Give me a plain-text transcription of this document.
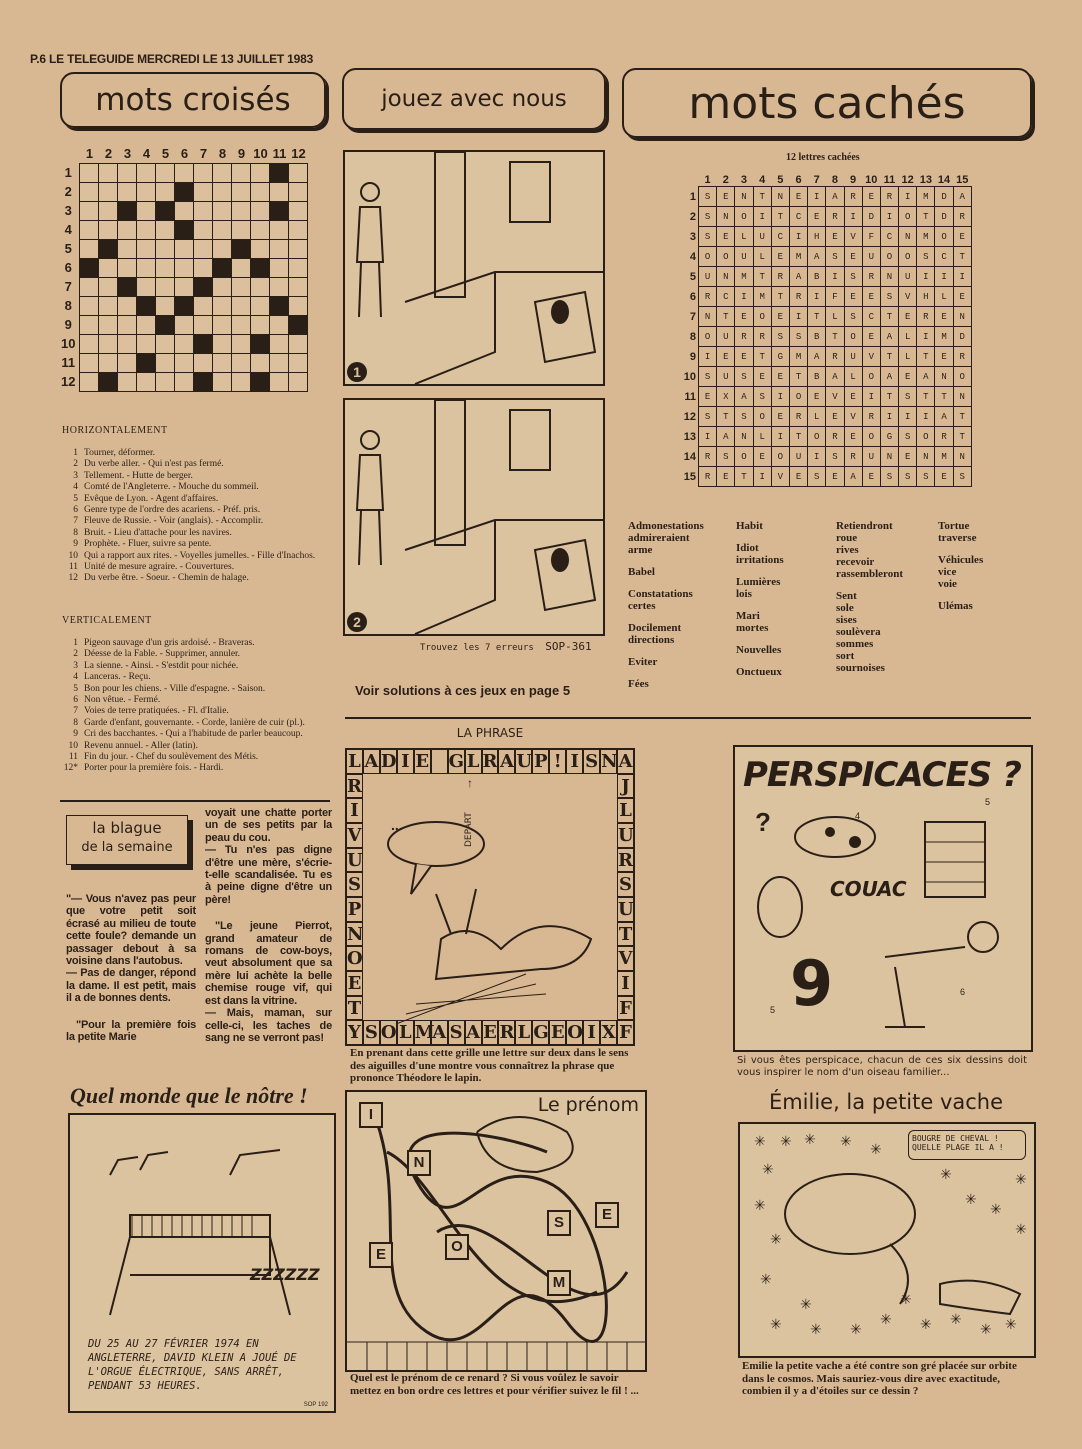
P.6 LE TELEGUIDE MERCREDI LE 13 JUILLET 1983
mots croisés	jouez avec nous	mots cachés
	1	2	3	4	5	6	7	8	9	10	11	12
1												
2												
3												
4												
5												
6												
7												
8												
9												
10												
11												
12												
HORIZONTALEMENT
1 Tourner, déformer.
2 Du verbe aller. - Qui n'est pas fermé.
3 Tellement. - Hutte de berger.
4 Comté de l'Angleterre. - Mouche du sommeil.
5 Evêque de Lyon. - Agent d'affaires.
6 Genre type de l'ordre des acariens. - Préf. pris.
7 Fleuve de Russie. - Voir (anglais). - Accomplir.
8 Bruit. - Lieu d'attache pour les navires.
9 Prophète. - Fluer, suivre sa pente.
10 Qui a rapport aux rites. - Voyelles jumelles. - Fille d'Inachos.
11 Unité de mesure agraire. - Couvertures.
12 Du verbe être. - Soeur. - Chemin de halage.
VERTICALEMENT
1 Pigeon sauvage d'un gris ardoisé. - Braveras.
2 Déesse de la Fable. - Supprimer, annuler.
3 La sienne. - Ainsi. - S'estdit pour nichée.
4 Lanceras. - Reçu.
5 Bon pour les chiens. - Ville d'espagne. - Saison.
6 Non vêtue. - Fermé.
7 Voies de terre pratiquées. - Fl. d'Italie.
8 Garde d'enfant, gouvernante. - Corde, lanière de cuir (pl.).
9 Cri des bacchantes. - Qui a l'habitude de parler beaucoup.
10 Revenu annuel. - Aller (latin).
11 Fin du jour. - Chef du soulèvement des Métis.
12* Porter pour la première fois. - Hardi.
1
2
Trouvez les 7 erreurs SOP-361
Voir solutions à ces jeux en page 5
12 lettres cachées
	1	2	3	4	5	6	7	8	9	10	11	12	13	14	15
1	S	E	N	T	N	E	I	A	R	E	R	I	M	D	A
2	S	N	O	I	T	C	E	R	I	D	I	O	T	D	R
3	S	E	L	U	C	I	H	E	V	F	C	N	M	O	E
4	O	O	U	L	E	M	A	S	E	U	O	O	S	C	T
5	U	N	M	T	R	A	B	I	S	R	N	U	I	I	I
6	R	C	I	M	T	R	I	F	E	E	S	V	H	L	E
7	N	T	E	O	E	I	T	L	S	C	T	E	R	E	N
8	O	U	R	R	S	S	B	T	O	E	A	L	I	M	D
9	I	E	E	T	G	M	A	R	U	V	T	L	T	E	R
10	S	U	S	E	E	T	B	A	L	O	A	E	A	N	O
11	E	X	A	S	I	O	E	V	E	I	T	S	T	T	N
12	S	T	S	O	E	R	L	E	V	R	I	I	I	A	T
13	I	A	N	L	I	T	O	R	E	O	G	S	O	R	T
14	R	S	O	E	O	U	I	S	R	U	N	E	N	M	N
15	R	E	T	I	V	E	S	E	A	E	S	S	S	E	S
Admonestations
admireraient
arme
Babel
Constatations
certes
Docilement
directions
Eviter
Fées
Habit
Idiot
irritations
Lumières
lois
Mari
mortes
Nouvelles
Onctueux
Retiendront
roue
rives
recevoir
rassembleront
Sent
sole
sises
soulèvera
sommes
sort
sournoises
Tortue
traverse
Véhicules
vice
voie
Ulémas
la blague
de la semaine

"— Vous n'avez pas peur que votre petit soit écrasé au milieu de toute cette foule? demande un passager debout à sa voisine dans l'autobus.

— Pas de danger, répond la dame. Il est petit, mais il a de bonnes dents.

"Pour la première fois la petite Marie

voyait une chatte porter un de ses petits par la peau du cou.

— Tu n'es pas digne d'être une mère, s'écrie-t-elle scandalisée. Tu es à peine digne d'être un père!

"Le jeune Pierrot, grand amateur de romans de cow-boys, veut absolument que sa mère lui achète la belle chemise rouge vif, qui est dans la vitrine.

— Mais, maman, sur celle-ci, les taches de sang ne se verront pas!

LA PHRASE
L A D I E G L R A U P ! I S N A
Y S O L M
A S A E R L G E O I X F
R
I
V
U
S
P
N
O
E
T
J
L
U
R
S
U
T
V
I
F
...	DEPART
↑
En prenant dans cette grille une lettre sur deux dans le sens des aiguilles d'une montre vous connaîtrez la phrase que prononce Théodore le lapin.
PERSPICACES ?
?	4
5
6
5
COUAC
9
Si vous êtes perspicace, chacun de ces six dessins doit vous inspirer le nom d'un oiseau familier...
Quel monde que le nôtre !
ZZZZZZ
DU 25 AU 27 FÉVRIER 1974 EN ANGLETERRE, DAVID KLEIN A JOUÉ DE L'ORGUE ÉLECTRIQUE, SANS ARRÊT, PENDANT 53 HEURES.
SOP 192
Le prénom
I
N
S	E
E	O
M
Quel est le prénom de ce renard ? Si vous voûlez le savoir mettez en bon ordre ces lettres et pour vérifier suivez le fil ! ...
Émilie, la petite vache
BOUGRE DE CHEVAL ! QUELLE PLAGE IL A !
✳ ✳ ✳ ✳
✳
✳
✳
✳
✳
✳
✳ ✳
✳
✳
✳ ✳
✳ ✳
✳
✳
✳
✳
✳
✳
Emilie la petite vache a été contre son gré placée sur orbite dans le cosmos. Mais sauriez-vous dire avec exactitude, combien il y a d'étoiles sur ce dessin ?
